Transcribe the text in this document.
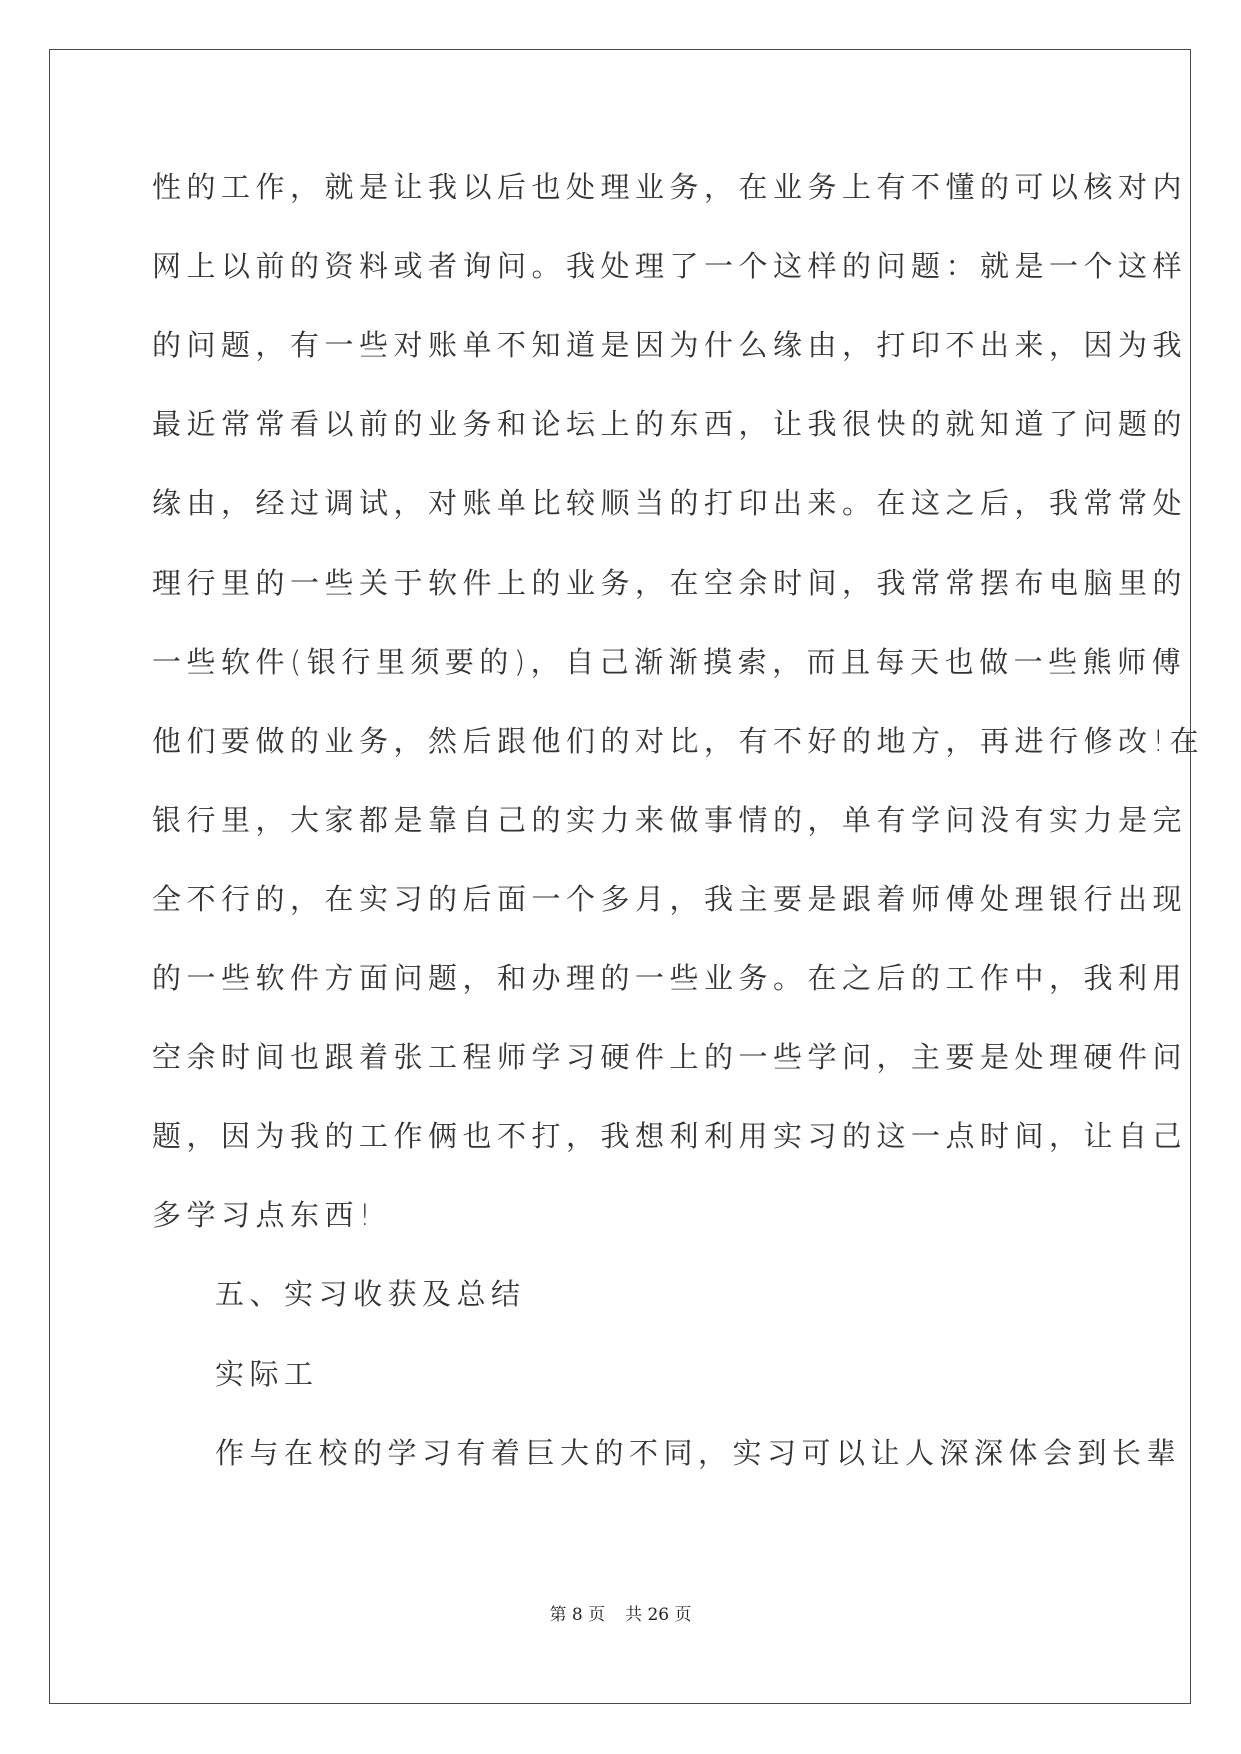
性的工作，就是让我以后也处理业务，在业务上有不懂的可以核对内
网上以前的资料或者询问。我处理了一个这样的问题：就是一个这样
的问题，有一些对账单不知道是因为什么缘由，打印不出来，因为我
最近常常看以前的业务和论坛上的东西，让我很快的就知道了问题的
缘由，经过调试，对账单比较顺当的打印出来。在这之后，我常常处
理行里的一些关于软件上的业务，在空余时间，我常常摆布电脑里的
一些软件(银行里须要的)，自己渐渐摸索，而且每天也做一些熊师傅
他们要做的业务，然后跟他们的对比，有不好的地方，再进行修改!在
银行里，大家都是靠自己的实力来做事情的，单有学问没有实力是完
全不行的，在实习的后面一个多月，我主要是跟着师傅处理银行出现
的一些软件方面问题，和办理的一些业务。在之后的工作中，我利用
空余时间也跟着张工程师学习硬件上的一些学问，主要是处理硬件问
题，因为我的工作俩也不打，我想利利用实习的这一点时间，让自己
多学习点东西!
五、实习收获及总结
实际工
作与在校的学习有着巨大的不同，实习可以让人深深体会到长辈
第 8 页 共 26 页
